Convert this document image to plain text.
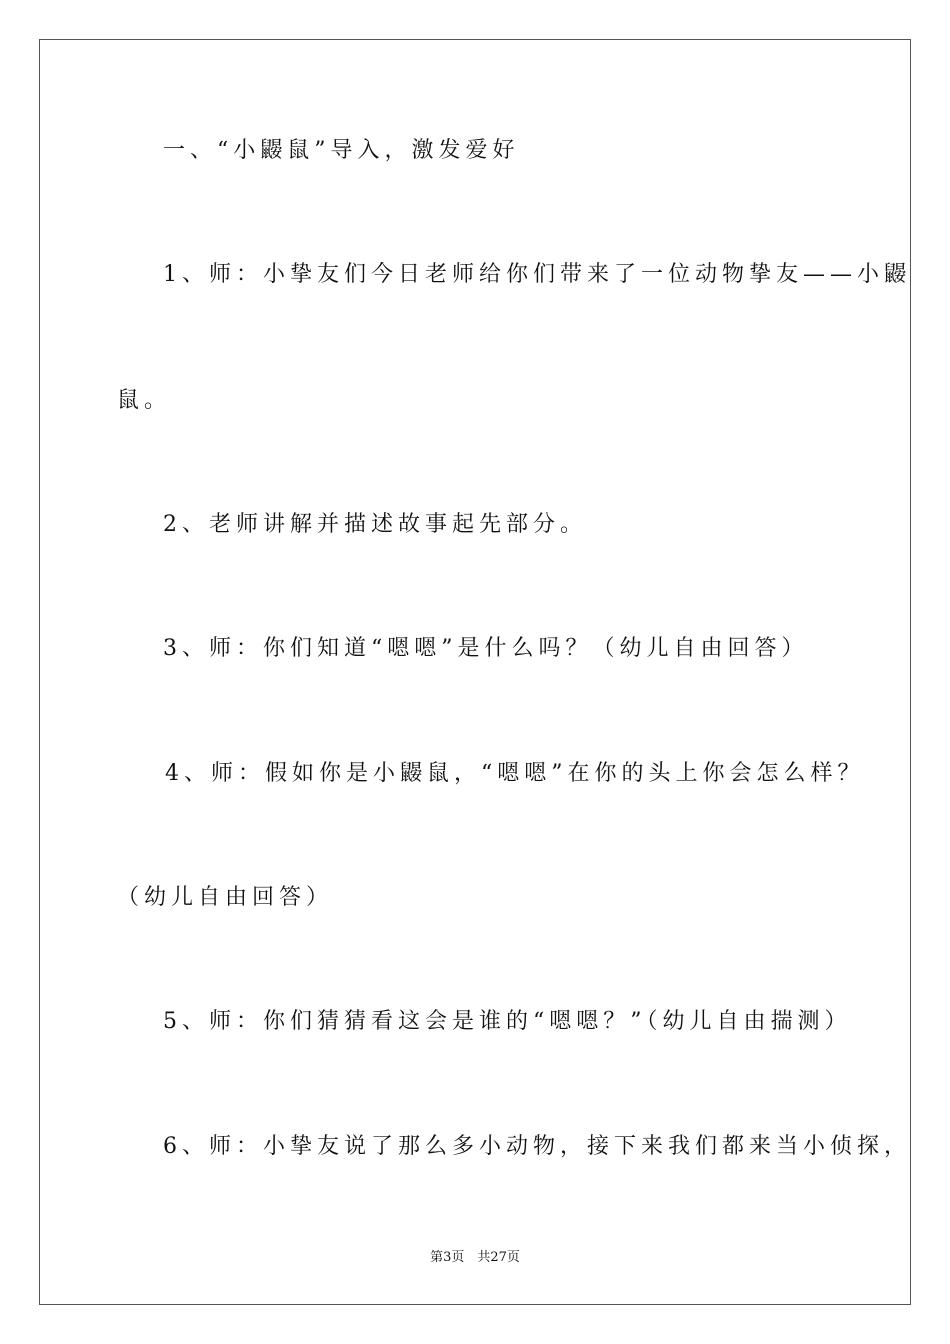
一、“小鼹鼠”导入，激发爱好
1、师：小挚友们今日老师给你们带来了一位动物挚友——小鼹
鼠。
2、老师讲解并描述故事起先部分。
3、师：你们知道“嗯嗯”是什么吗？（幼儿自由回答）
4、师：假如你是小鼹鼠，“嗯嗯”在你的头上你会怎么样？
（幼儿自由回答）
5、师：你们猜猜看这会是谁的“嗯嗯？”（幼儿自由揣测）
6、师：小挚友说了那么多小动物，接下来我们都来当小侦探，
第3页　共27页
